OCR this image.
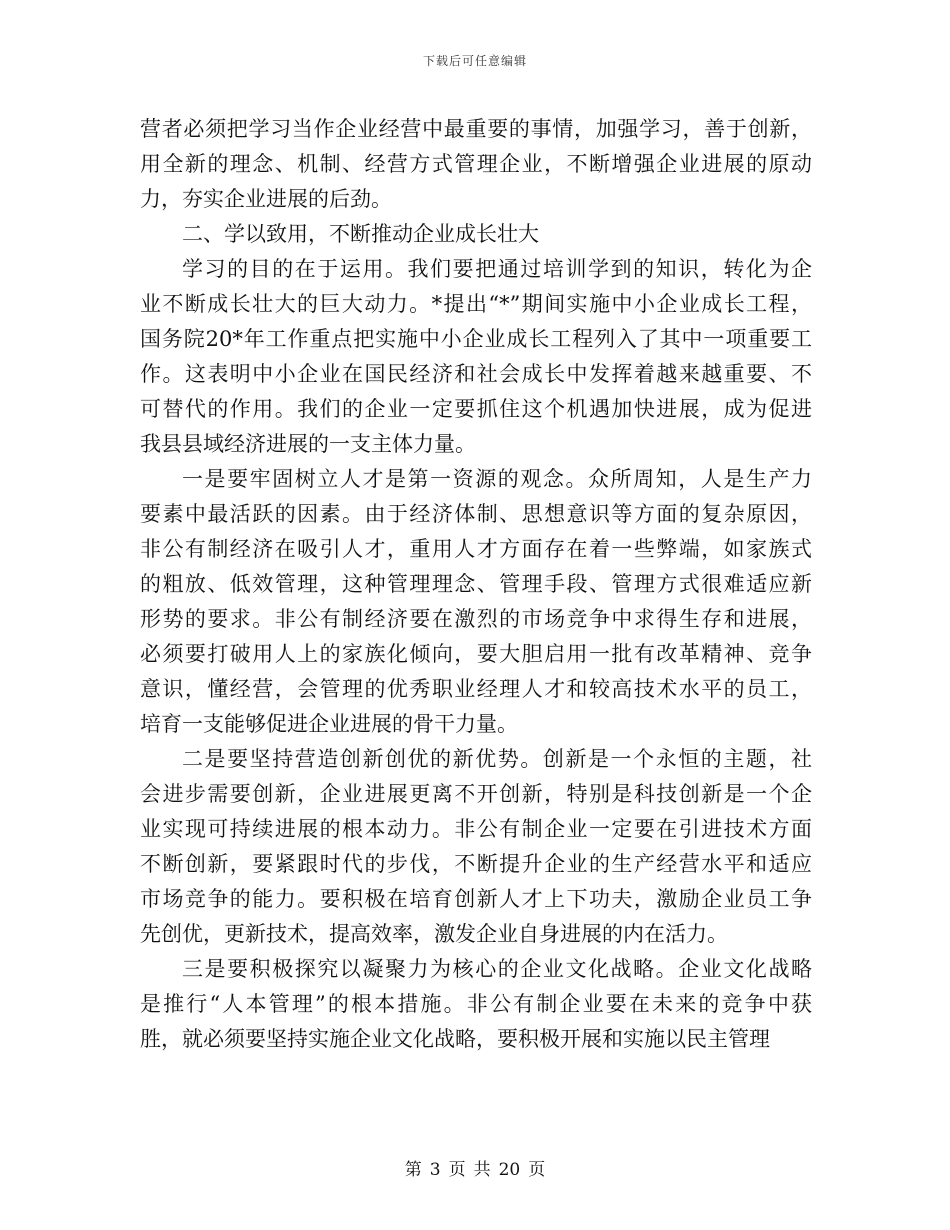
下载后可任意编辑
营者必须把学习当作企业经营中最重要的事情，加强学习，善于创新，
用全新的理念、机制、经营方式管理企业，不断增强企业进展的原动
力，夯实企业进展的后劲。
二、学以致用，不断推动企业成长壮大
学习的目的在于运用。我们要把通过培训学到的知识，转化为企
业不断成长壮大的巨大动力。*提出“*”期间实施中小企业成长工程，
国务院20*年工作重点把实施中小企业成长工程列入了其中一项重要工
作。这表明中小企业在国民经济和社会成长中发挥着越来越重要、不
可替代的作用。我们的企业一定要抓住这个机遇加快进展，成为促进
我县县域经济进展的一支主体力量。
一是要牢固树立人才是第一资源的观念。众所周知，人是生产力
要素中最活跃的因素。由于经济体制、思想意识等方面的复杂原因，
非公有制经济在吸引人才，重用人才方面存在着一些弊端，如家族式
的粗放、低效管理，这种管理理念、管理手段、管理方式很难适应新
形势的要求。非公有制经济要在激烈的市场竞争中求得生存和进展，
必须要打破用人上的家族化倾向，要大胆启用一批有改革精神、竞争
意识，懂经营，会管理的优秀职业经理人才和较高技术水平的员工，
培育一支能够促进企业进展的骨干力量。
二是要坚持营造创新创优的新优势。创新是一个永恒的主题，社
会进步需要创新，企业进展更离不开创新，特别是科技创新是一个企
业实现可持续进展的根本动力。非公有制企业一定要在引进技术方面
不断创新，要紧跟时代的步伐，不断提升企业的生产经营水平和适应
市场竞争的能力。要积极在培育创新人才上下功夫，激励企业员工争
先创优，更新技术，提高效率，激发企业自身进展的内在活力。
三是要积极探究以凝聚力为核心的企业文化战略。企业文化战略
是推行“人本管理”的根本措施。非公有制企业要在未来的竞争中获
胜，就必须要坚持实施企业文化战略，要积极开展和实施以民主管理
第 3 页 共 20 页
